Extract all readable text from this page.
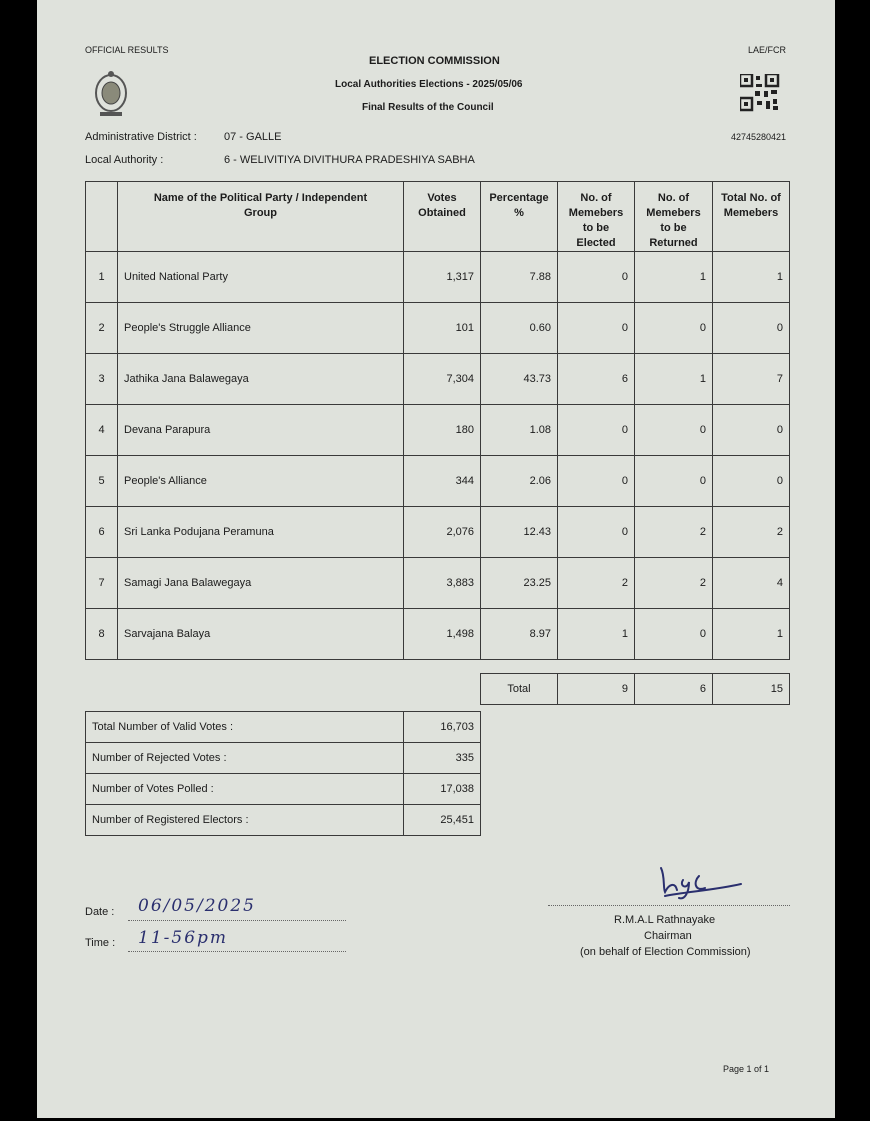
OFFICIAL RESULTS	LAE/FCR
ELECTION COMMISSION
Local Authorities Elections - 2025/05/06
Final Results of the Council
42745280421
Administrative District : 07 - GALLE
Local Authority :	6 - WELIVITIYA DIVITHURA PRADESHIYA SABHA
	Name of the Political Party / Independent Group	Votes Obtained	Percentage %	No. of Memebers to be Elected	No. of Memebers to be Returned	Total No. of Memebers
1	United National Party	1,317	7.88	0	1	1
2	People's Struggle Alliance	101	0.60	0	0	0
3	Jathika Jana Balawegaya	7,304	43.73	6	1	7
4	Devana Parapura	180	1.08	0	0	0
5	People's Alliance	344	2.06	0	0	0
6	Sri Lanka Podujana Peramuna	2,076	12.43	0	2	2
7	Samagi Jana Balawegaya	3,883	23.25	2	2	4
8	Sarvajana Balaya	1,498	8.97	1	0	1
Total	9	6	15
Total Number of Valid Votes :	16,703
Number of Rejected Votes :	335
Number of Votes Polled :	17,038
Number of Registered Electors :	25,451
Date : 06/05/2025
Time : 11-56pm
R.M.A.L Rathnayake
Chairman
(on behalf of Election Commission)
Page 1 of 1
